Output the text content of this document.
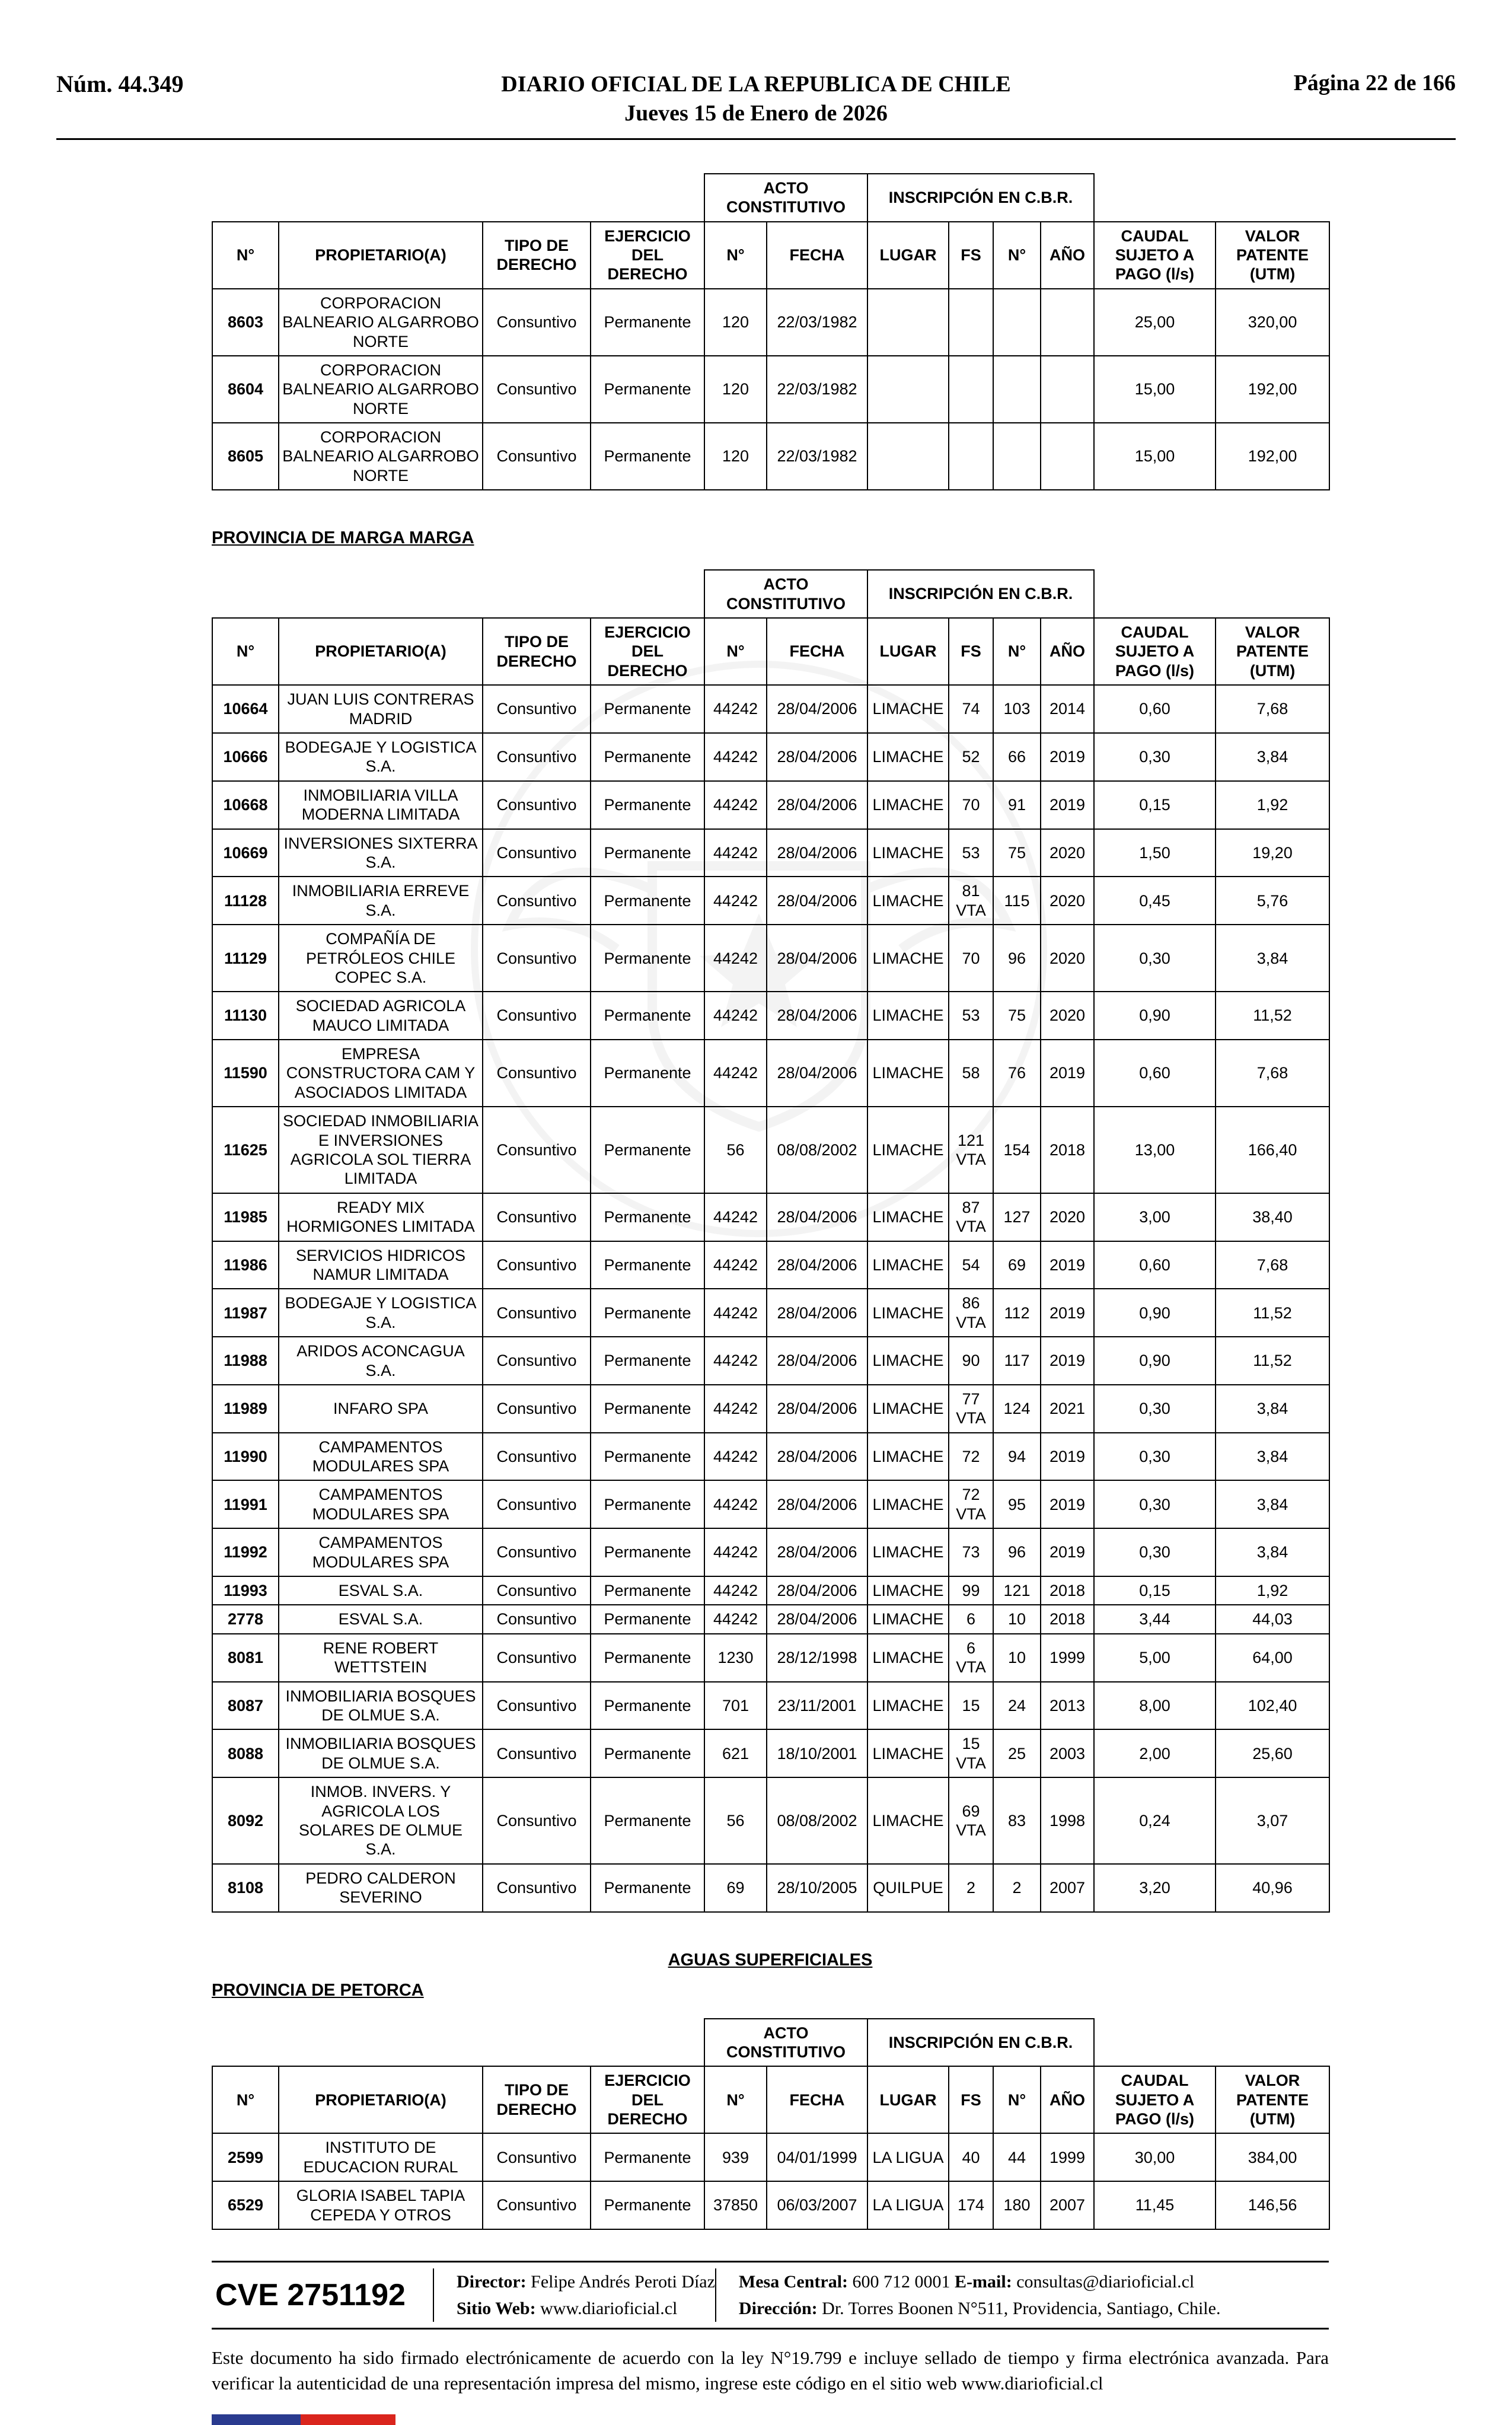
Núm. 44.349	DIARIO OFICIAL DE LA REPUBLICA DE CHILE
Jueves 15 de Enero de 2026
Página 22 de 166
				ACTO CONSTITUTIVO		INSCRIPCIÓN EN C.B.R.					
N°	PROPIETARIO(A)	TIPO DE DERECHO	EJERCICIO DEL DERECHO	N°	FECHA	LUGAR	FS	N°	AÑO	CAUDAL SUJETO A PAGO (l/s)	VALOR PATENTE (UTM)
8603	CORPORACION BALNEARIO ALGARROBO NORTE	Consuntivo	Permanente	120	22/03/1982					25,00	320,00
8604	CORPORACION BALNEARIO ALGARROBO NORTE	Consuntivo	Permanente	120	22/03/1982					15,00	192,00
8605	CORPORACION BALNEARIO ALGARROBO NORTE	Consuntivo	Permanente	120	22/03/1982					15,00	192,00
PROVINCIA DE MARGA MARGA
				ACTO CONSTITUTIVO		INSCRIPCIÓN EN C.B.R.					
N°	PROPIETARIO(A)	TIPO DE DERECHO	EJERCICIO DEL DERECHO	N°	FECHA	LUGAR	FS	N°	AÑO	CAUDAL SUJETO A PAGO (l/s)	VALOR PATENTE (UTM)
10664	JUAN LUIS CONTRERAS MADRID	Consuntivo	Permanente	44242	28/04/2006	LIMACHE	74	103	2014	0,60	7,68
10666	BODEGAJE Y LOGISTICA S.A.	Consuntivo	Permanente	44242	28/04/2006	LIMACHE	52	66	2019	0,30	3,84
10668	INMOBILIARIA VILLA MODERNA LIMITADA	Consuntivo	Permanente	44242	28/04/2006	LIMACHE	70	91	2019	0,15	1,92
10669	INVERSIONES SIXTERRA S.A.	Consuntivo	Permanente	44242	28/04/2006	LIMACHE	53	75	2020	1,50	19,20
11128	INMOBILIARIA ERREVE S.A.	Consuntivo	Permanente	44242	28/04/2006	LIMACHE	81 VTA	115	2020	0,45	5,76
11129	COMPAÑÍA DE PETRÓLEOS CHILE COPEC S.A.	Consuntivo	Permanente	44242	28/04/2006	LIMACHE	70	96	2020	0,30	3,84
11130	SOCIEDAD AGRICOLA MAUCO LIMITADA	Consuntivo	Permanente	44242	28/04/2006	LIMACHE	53	75	2020	0,90	11,52
11590	EMPRESA CONSTRUCTORA CAM Y ASOCIADOS LIMITADA	Consuntivo	Permanente	44242	28/04/2006	LIMACHE	58	76	2019	0,60	7,68
11625	SOCIEDAD INMOBILIARIA E INVERSIONES AGRICOLA SOL TIERRA LIMITADA	Consuntivo	Permanente	56	08/08/2002	LIMACHE	121 VTA	154	2018	13,00	166,40
11985	READY MIX HORMIGONES LIMITADA	Consuntivo	Permanente	44242	28/04/2006	LIMACHE	87 VTA	127	2020	3,00	38,40
11986	SERVICIOS HIDRICOS NAMUR LIMITADA	Consuntivo	Permanente	44242	28/04/2006	LIMACHE	54	69	2019	0,60	7,68
11987	BODEGAJE Y LOGISTICA S.A.	Consuntivo	Permanente	44242	28/04/2006	LIMACHE	86 VTA	112	2019	0,90	11,52
11988	ARIDOS ACONCAGUA S.A.	Consuntivo	Permanente	44242	28/04/2006	LIMACHE	90	117	2019	0,90	11,52
11989	INFARO SPA	Consuntivo	Permanente	44242	28/04/2006	LIMACHE	77 VTA	124	2021	0,30	3,84
11990	CAMPAMENTOS MODULARES SPA	Consuntivo	Permanente	44242	28/04/2006	LIMACHE	72	94	2019	0,30	3,84
11991	CAMPAMENTOS MODULARES SPA	Consuntivo	Permanente	44242	28/04/2006	LIMACHE	72 VTA	95	2019	0,30	3,84
11992	CAMPAMENTOS MODULARES SPA	Consuntivo	Permanente	44242	28/04/2006	LIMACHE	73	96	2019	0,30	3,84
11993	ESVAL S.A.	Consuntivo	Permanente	44242	28/04/2006	LIMACHE	99	121	2018	0,15	1,92
2778	ESVAL S.A.	Consuntivo	Permanente	44242	28/04/2006	LIMACHE	6	10	2018	3,44	44,03
8081	RENE ROBERT WETTSTEIN	Consuntivo	Permanente	1230	28/12/1998	LIMACHE	6 VTA	10	1999	5,00	64,00
8087	INMOBILIARIA BOSQUES DE OLMUE S.A.	Consuntivo	Permanente	701	23/11/2001	LIMACHE	15	24	2013	8,00	102,40
8088	INMOBILIARIA BOSQUES DE OLMUE S.A.	Consuntivo	Permanente	621	18/10/2001	LIMACHE	15 VTA	25	2003	2,00	25,60
8092	INMOB. INVERS. Y AGRICOLA LOS SOLARES DE OLMUE S.A.	Consuntivo	Permanente	56	08/08/2002	LIMACHE	69 VTA	83	1998	0,24	3,07
8108	PEDRO CALDERON SEVERINO	Consuntivo	Permanente	69	28/10/2005	QUILPUE	2	2	2007	3,20	40,96
AGUAS SUPERFICIALES
PROVINCIA DE PETORCA
				ACTO CONSTITUTIVO		INSCRIPCIÓN EN C.B.R.					
N°	PROPIETARIO(A)	TIPO DE DERECHO	EJERCICIO DEL DERECHO	N°	FECHA	LUGAR	FS	N°	AÑO	CAUDAL SUJETO A PAGO (l/s)	VALOR PATENTE (UTM)
2599	INSTITUTO DE EDUCACION RURAL	Consuntivo	Permanente	939	04/01/1999	LA LIGUA	40	44	1999	30,00	384,00
6529	GLORIA ISABEL TAPIA CEPEDA Y OTROS	Consuntivo	Permanente	37850	06/03/2007	LA LIGUA	174	180	2007	11,45	146,56
CVE 2751192	Director: Felipe Andrés Peroti Díaz
Sitio Web: www.diarioficial.cl
Mesa Central: 600 712 0001 E-mail: consultas@diarioficial.cl
Dirección: Dr. Torres Boonen N°511, Providencia, Santiago, Chile.
Este documento ha sido firmado electrónicamente de acuerdo con la ley N°19.799 e incluye sellado de tiempo y firma electrónica avanzada. Para verificar la autenticidad de una representación impresa del mismo, ingrese este código en el sitio web www.diarioficial.cl
